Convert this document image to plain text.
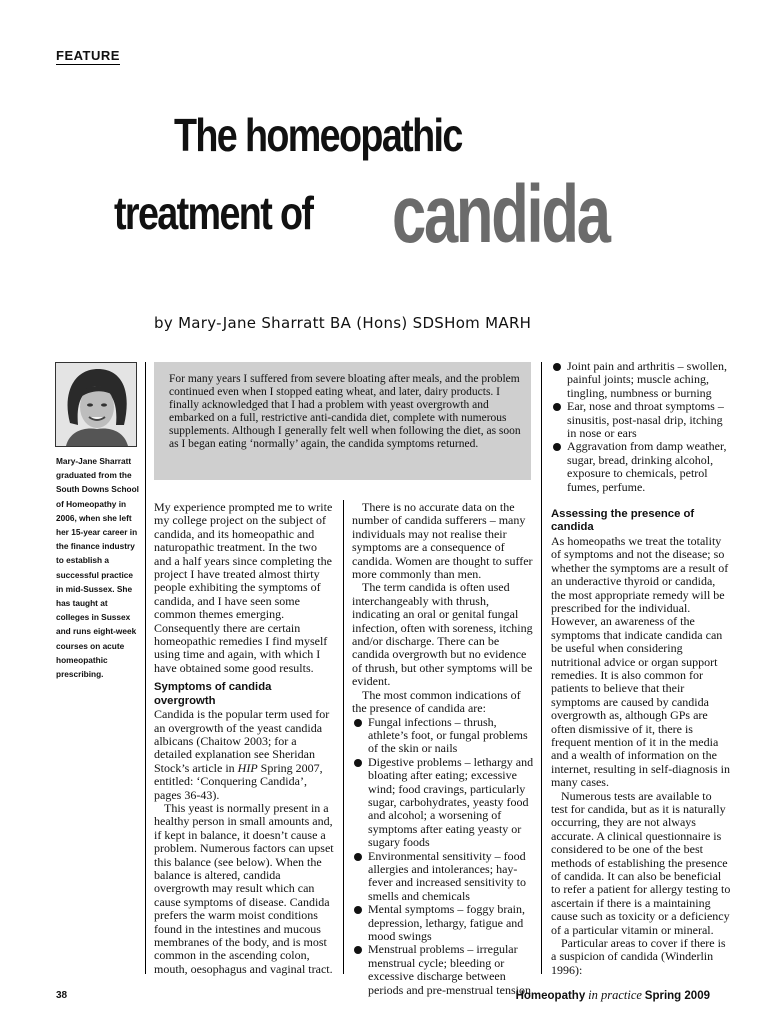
FEATURE
The homeopathic
treatment of candida
by Mary-Jane Sharratt BA (Hons) SDSHom MARH
Mary-Jane Sharratt graduated from the South Downs School of Homeopathy in 2006, when she left her 15-year career in the finance industry to establish a successful practice in mid-Sussex. She has taught at colleges in Sussex and runs eight-week courses on acute homeopathic prescribing.
For many years I suffered from severe bloating after meals, and the problem continued even when I stopped eating wheat, and later, dairy products. I finally acknowledged that I had a problem with yeast overgrowth and embarked on a full, restrictive anti-candida diet, complete with numerous supplements. Although I generally felt well when following the diet, as soon as I began eating ‘normally’ again, the candida symptoms returned.

My experience prompted me to write my college project on the subject of candida, and its homeopathic and naturopathic treatment. In the two and a half years since completing the project I have treated almost thirty people exhibiting the symptoms of candida, and I have seen some common themes emerging. Consequently there are certain homeopathic remedies I find myself using time and again, with which I have obtained some good results.

Symptoms of candida overgrowth

Candida is the popular term used for an overgrowth of the yeast candida albicans (Chaitow 2003; for a detailed explanation see Sheridan Stock’s article in HIP Spring 2007, entitled: ‘Conquering Candida’, pages 36-43).

This yeast is normally present in a healthy person in small amounts and, if kept in balance, it doesn’t cause a problem. Numerous factors can upset this balance (see below). When the balance is altered, candida overgrowth may result which can cause symptoms of disease. Candida prefers the warm moist conditions found in the intestines and mucous membranes of the body, and is most common in the ascending colon, mouth, oesophagus and vaginal tract.

There is no accurate data on the number of candida sufferers – many individuals may not realise their symptoms are a consequence of candida. Women are thought to suffer more commonly than men.

The term candida is often used interchangeably with thrush, indicating an oral or genital fungal infection, often with soreness, itching and/or discharge. There can be candida overgrowth but no evidence of thrush, but other symptoms will be evident.

The most common indications of the presence of candida are:

Fungal infections – thrush, athlete’s foot, or fungal problems of the skin or nails
Digestive problems – lethargy and bloating after eating; excessive wind; food cravings, particularly sugar, carbohydrates, yeasty food and alcohol; a worsening of symptoms after eating yeasty or sugary foods
Environmental sensitivity – food allergies and intolerances; hay-fever and increased sensitivity to smells and chemicals
Mental symptoms – foggy brain, depression, lethargy, fatigue and mood swings
Menstrual problems – irregular menstrual cycle; bleeding or excessive discharge between periods and pre-menstrual tension
Joint pain and arthritis – swollen, painful joints; muscle aching, tingling, numbness or burning
Ear, nose and throat symptoms – sinusitis, post-nasal drip, itching in nose or ears
Aggravation from damp weather, sugar, bread, drinking alcohol, exposure to chemicals, petrol fumes, perfume.

Assessing the presence of candida

As homeopaths we treat the totality of symptoms and not the disease; so whether the symptoms are a result of an underactive thyroid or candida, the most appropriate remedy will be prescribed for the individual. However, an awareness of the symptoms that indicate candida can be useful when considering nutritional advice or organ support remedies. It is also common for patients to believe that their symptoms are caused by candida overgrowth as, although GPs are often dismissive of it, there is frequent mention of it in the media and a wealth of information on the internet, resulting in self-diagnosis in many cases.

Numerous tests are available to test for candida, but as it is naturally occurring, they are not always accurate. A clinical questionnaire is considered to be one of the best methods of establishing the presence of candida. It can also be beneficial to refer a patient for allergy testing to ascertain if there is a maintaining cause such as toxicity or a deficiency of a particular vitamin or mineral.

Particular areas to cover if there is a suspicion of candida (Winderlin 1996):

38	Homeopathy in practice Spring 2009
